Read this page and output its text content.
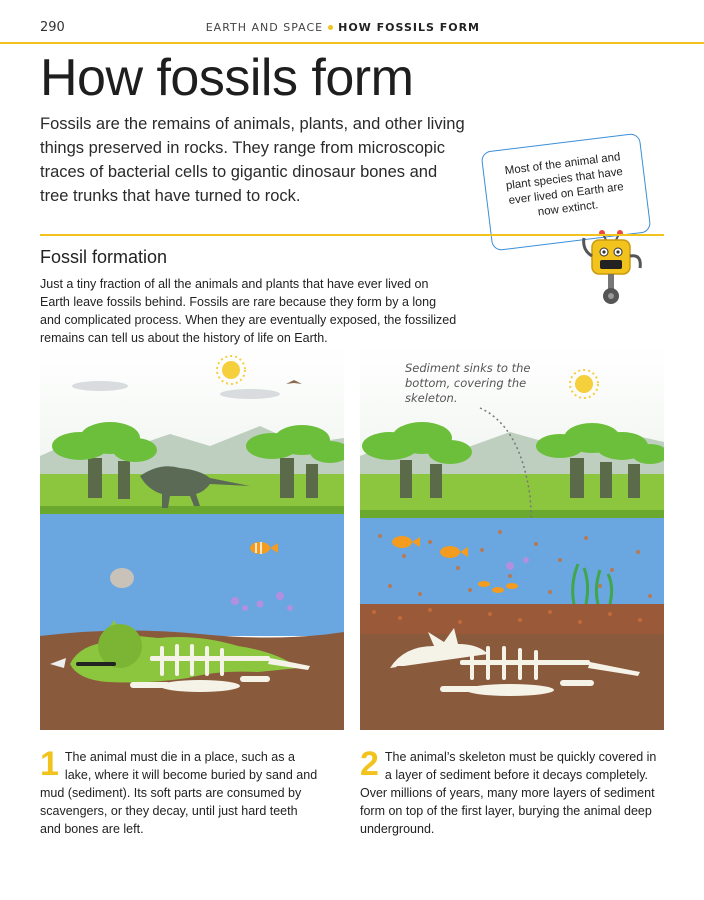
290	EARTH AND SPACE HOW FOSSILS FORM
How fossils form
Fossils are the remains of animals, plants, and other living things preserved in rocks. They range from microscopic traces of bacterial cells to gigantic dinosaur bones and tree trunks that have turned to rock.
Most of the animal and plant species that have ever lived on Earth are now extinct.
Fossil formation
Just a tiny fraction of all the animals and plants that have ever lived on Earth leave fossils behind. Fossils are rare because they form by a long and complicated process. When they are eventually exposed, the fossilized remains can tell us about the history of life on Earth.
Sediment sinks to the bottom, covering the skeleton.
1 The animal must die in a place, such as a lake, where it will become buried by sand and mud (sediment). Its soft parts are consumed by scavengers, or they decay, until just hard teeth and bones are left.
2 The animal’s skeleton must be quickly covered in a layer of sediment before it decays completely. Over millions of years, many more layers of sediment form on top of the first layer, burying the animal deep underground.
